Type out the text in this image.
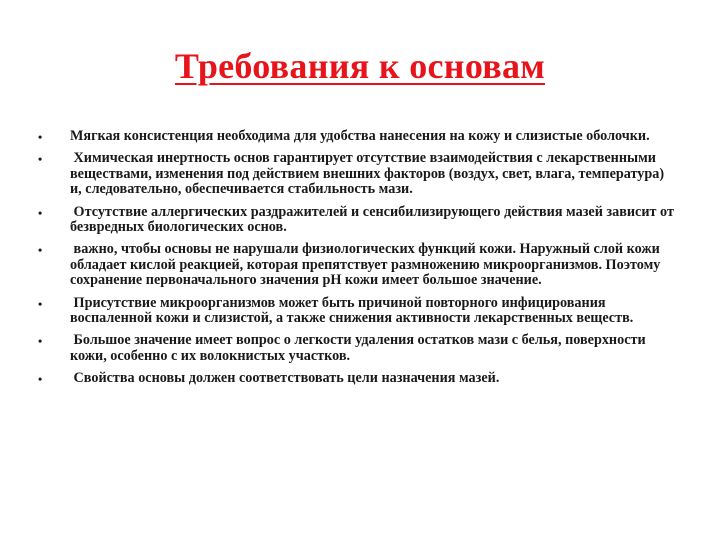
Требования к основам
•	Мягкая консистенция необходима для удобства нанесения на кожу и слизистые оболочки.
•	Химическая инертность основ гарантирует отсутствие взаимодействия с лекарственными веществами, изменения под действием внешних факторов (воздух, свет, влага, температура) и, следовательно, обеспечивается стабильность мази.
•	Отсутствие аллергических раздражителей и сенсибилизирующего действия мазей зависит от безвредных биологических основ.
•	важно, чтобы основы не нарушали физиологических функций кожи. Наружный слой кожи обладает кислой реакцией, которая препятствует размножению микроорганизмов. Поэтому сохранение первоначального значения pH кожи имеет большое значение.
•	Присутствие микроорганизмов может быть причиной повторного инфицирования воспаленной кожи и слизистой, а также снижения активности лекарственных веществ.
•	Большое значение имеет вопрос о легкости удаления остатков мази с белья, поверхности кожи, особенно с их волокнистых участков.
•	Свойства основы должен соответствовать цели назначения мазей.
